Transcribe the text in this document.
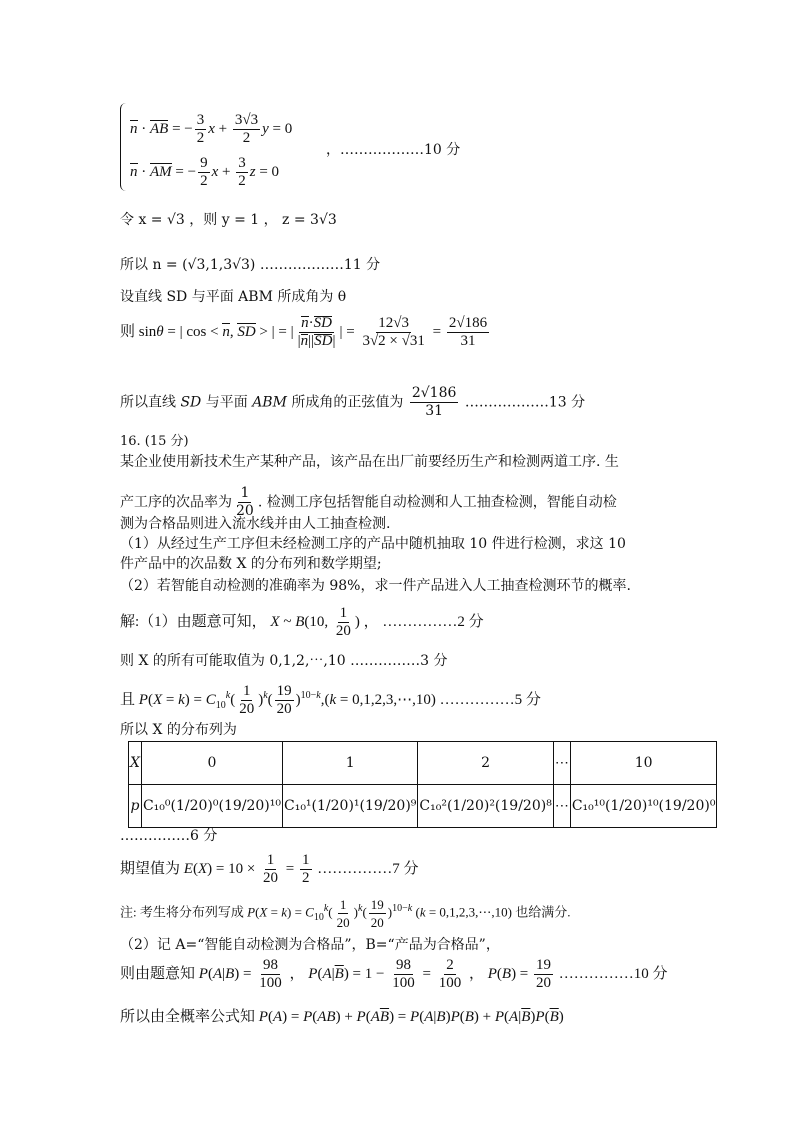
n · AB = − $\frac{3}{2}$ $x + \frac{3√3}{2}$ y = 0
n · AM = − $\frac{9}{2}$ $x + \frac{3}{2}$ z = 0
，………………10 分
令 x = √3 ，则 y = 1 ， z = 3√3
所以 n = (√3,1,3√3) ………………11 分
设直线 SD 与平面 ABM 所成角为 θ
则 sinθ = | cos < n, SD > | = | $\frac{n\cdot SD}{|n||SD|}$ | = $\frac{12√3}{3√2 \times √31} = \frac{2√186}{31}$
所以直线 SD 与平面 ABM 所成角的正弦值为 $\frac{2√186}{31}$ ………………13 分
16. (15 分)
某企业使用新技术生产某种产品，该产品在出厂前要经历生产和检测两道工序. 生
产工序的次品率为 $\frac{1}{20}$ . 检测工序包括智能自动检测和人工抽查检测，智能自动检
测为合格品则进入流水线并由人工抽查检测.
（1）从经过生产工序但未经检测工序的产品中随机抽取 10 件进行检测，求这 10
件产品中的次品数 X 的分布列和数学期望;
（2）若智能自动检测的准确率为 98%，求一件产品进入人工抽查检测环节的概率.
解:（1）由题意可知， X ~ B(10, $\frac{1}{20}$ ) ， ……………2 分
则 X 的所有可能取值为 0,1,2,⋯,10 ……………3 分
且 $P(X = k) = C_{10}^k( \frac{1}{20} )^k( \frac{19}{20} )^{10-k},(k$ = 0,1,2,3,⋯,10) ……………5 分
所以 X 的分布列为
X	0	1	2	⋯	10
p	C₁₀⁰(1/20)⁰(19/20)¹⁰	C₁₀¹(1/20)¹(19/20)⁹	C₁₀²(1/20)²(19/20)⁸	⋯	C₁₀¹⁰(1/20)¹⁰(19/20)⁰
……………6 分
期望值为 $E(X) = 10 \times \frac{1}{20} = \frac{1}{2}$ ……………7 分
注: 考生将分布列写成 $P(X = k) = C_{10}^k( \frac{1}{20} )^k( \frac{19}{20} )^{10-k}$ (k = 0,1,2,3,⋯,10) 也给满分.
（2）记 A=“智能自动检测为合格品”，B=“产品为合格品”，
则由题意知 $P(A|B) = \frac{98}{100}$ ， $P(A|\overline{B}) = 1 - \frac{98}{100} = \frac{2}{100}$ ， $P(B) = \frac{19}{20}$ ……………10 分
所以由全概率公式知 $P(A) = P(AB) + P(A\overline{B}) = P(A|B)P(B) + P(A|\overline{B})P(\overline{B})$
